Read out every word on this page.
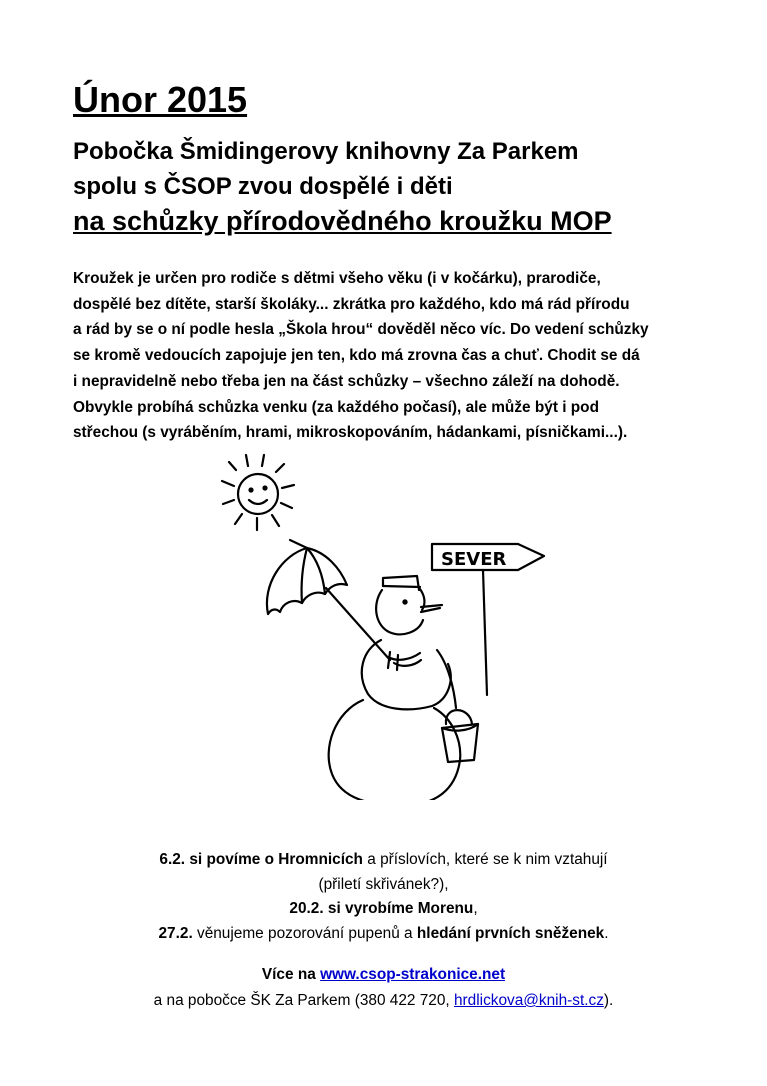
Únor 2015
Pobočka Šmidingerovy knihovny Za Parkem
spolu s ČSOP zvou dospělé i děti
na schůzky přírodovědného kroužku MOP

Kroužek je určen pro rodiče s dětmi všeho věku (i v kočárku), prarodiče,
dospělé bez dítěte, starší školáky... zkrátka pro každého, kdo má rád přírodu
a rád by se o ní podle hesla „Škola hrou“ dověděl něco víc. Do vedení schůzky
se kromě vedoucích zapojuje jen ten, kdo má zrovna čas a chuť. Chodit se dá
i nepravidelně nebo třeba jen na část schůzky – všechno záleží na dohodě.
Obvykle probíhá schůzka venku (za každého počasí), ale může být i pod
střechou (s vyráběním, hrami, mikroskopováním, hádankami, písničkami...).

SEVER

6.2. si povíme o Hromnicích a příslovích, které se k nim vztahují
(přiletí skřivánek?),
20.2. si vyrobíme Morenu,
27.2. věnujeme pozorování pupenů a hledání prvních sněženek.

Více na www.csop-strakonice.net
a na pobočce ŠK Za Parkem (380 422 720, hrdlickova@knih-st.cz).
